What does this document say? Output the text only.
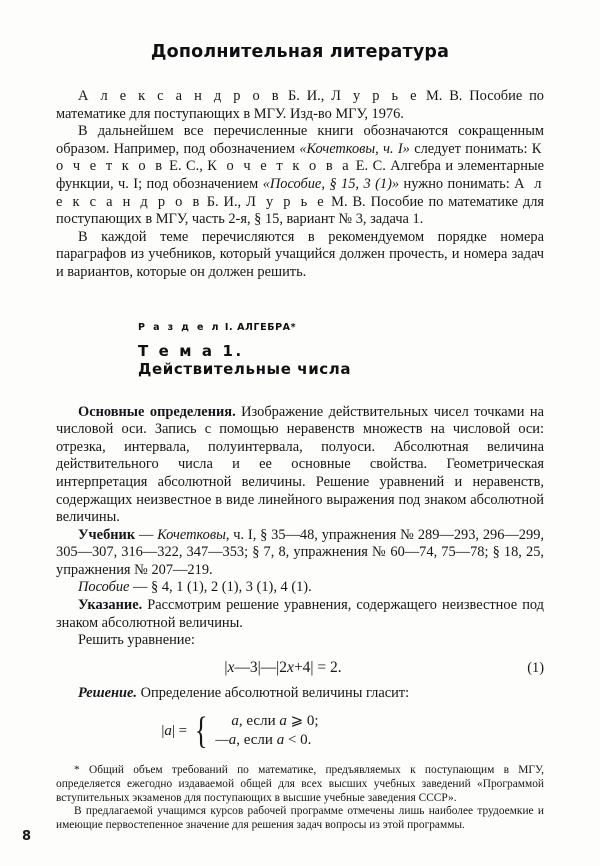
Дополнительная литература

А л е к с а н д р о в Б. И., Л у р ь е М. В. Пособие по математике для поступающих в МГУ. Изд-во МГУ, 1976.

В дальнейшем все перечисленные книги обозначаются сокращенным образом. Например, под обозначением «Кочетковы, ч. I» следует понимать: К о ч е т к о в Е. С., К о ч е т к о в а Е. С. Алгебра и элементарные функции, ч. I; под обозначением «Пособие, § 15, 3 (1)» нужно понимать: А л е к с а н д р о в Б. И., Л у р ь е М. В. Пособие по математике для поступающих в МГУ, часть 2-я, § 15, вариант № 3, задача 1.

В каждой теме перечисляются в рекомендуемом порядке номера параграфов из учебников, который учащийся должен прочесть, и номера задач и вариантов, которые он должен решить.

Р а з д е л I. АЛГЕБРА*

Т е м а 1.

Действительные числа

Основные определения. Изображение действительных чисел точками на числовой оси. Запись с помощью неравенств множеств на числовой оси: отрезка, интервала, полуинтервала, полуоси. Абсолютная величина действительного числа и ее основные свойства. Геометрическая интерпретация абсолютной величины. Решение уравнений и неравенств, содержащих неизвестное в виде линейного выражения под знаком абсолютной величины.

Учебник — Кочетковы, ч. I, § 35—48, упражнения № 289—293, 296—299, 305—307, 316—322, 347—353; § 7, 8, упражнения № 60—74, 75—78; § 18, 25, упражнения № 207—219.

Пособие — § 4, 1 (1), 2 (1), 3 (1), 4 (1).

Указание. Рассмотрим решение уравнения, содержащего неизвестное под знаком абсолютной величины.

Решить уравнение:

|x—3|—|2x+4| = 2.	(1)

Решение. Определение абсолютной величины гласит:

|a| = {	a, если a ⩾ 0;
—a, если a < 0.

* Общий объем требований по математике, предъявляемых к поступающим в МГУ, определяется ежегодно издаваемой общей для всех высших учебных заведений «Программой вступительных экзаменов для поступающих в высшие учебные заведения СССР».

В предлагаемой учащимся курсов рабочей программе отмечены лишь наиболее трудоемкие и имеющие первостепенное значение для решения задач вопросы из этой программы.

8
